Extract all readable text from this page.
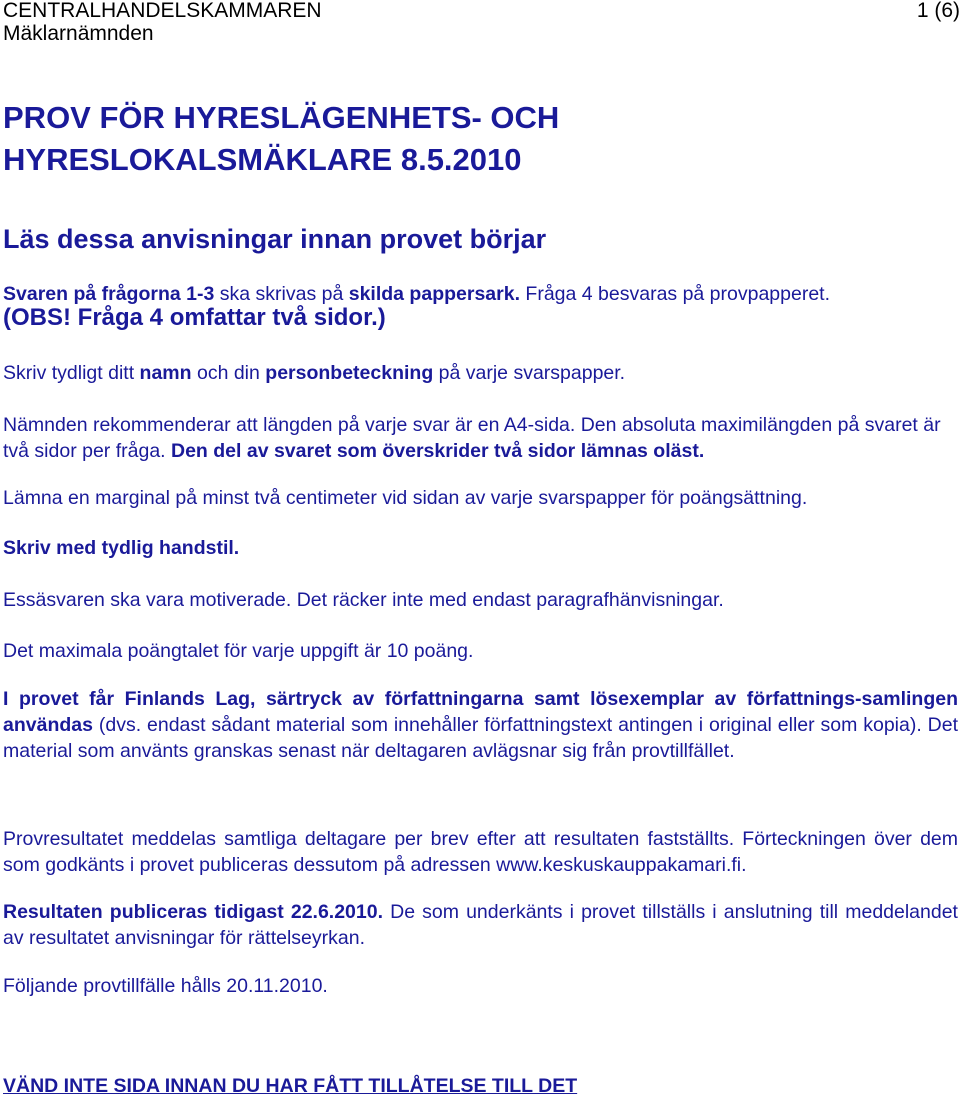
CENTRALHANDELSKAMMAREN
Mäklarnämnden
1 (6)
PROV FÖR HYRESLÄGENHETS- OCH
HYRESLOKALSMÄKLARE 8.5.2010
Läs dessa anvisningar innan provet börjar
Svaren på frågorna 1-3 ska skrivas på skilda pappersark. Fråga 4 besvaras på provpapperet.
(OBS! Fråga 4 omfattar två sidor.)
Skriv tydligt ditt namn och din personbeteckning på varje svarspapper.
Nämnden rekommenderar att längden på varje svar är en A4-sida. Den absoluta maximilängden på svaret är två sidor per fråga. Den del av svaret som överskrider två sidor lämnas oläst.
Lämna en marginal på minst två centimeter vid sidan av varje svarspapper för poängsättning.
Skriv med tydlig handstil.
Essäsvaren ska vara motiverade. Det räcker inte med endast paragrafhänvisningar.
Det maximala poängtalet för varje uppgift är 10 poäng.
I provet får Finlands Lag, särtryck av författningarna samt lösexemplar av författnings-samlingen användas (dvs. endast sådant material som innehåller författningstext antingen i original eller som kopia). Det material som använts granskas senast när deltagaren avlägsnar sig från provtillfället.
Provresultatet meddelas samtliga deltagare per brev efter att resultaten fastställts. Förteckningen över dem som godkänts i provet publiceras dessutom på adressen www.keskuskauppakamari.fi.
Resultaten publiceras tidigast 22.6.2010. De som underkänts i provet tillställs i anslutning till meddelandet av resultatet anvisningar för rättelseyrkan.
Följande provtillfälle hålls 20.11.2010.
VÄND INTE SIDA INNAN DU HAR FÅTT TILLÅTELSE TILL DET
